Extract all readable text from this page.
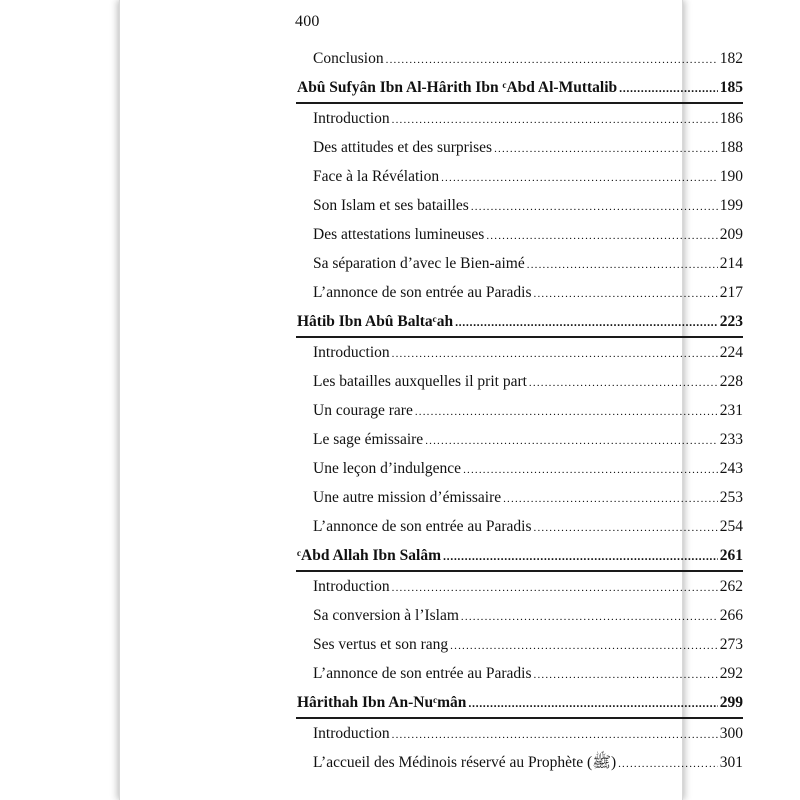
400
Conclusion .....	182
Abû Sufyân Ibn Al-Hârith Ibn ᶜAbd Al-Muttalib .....	185
Introduction .....	186
Des attitudes et des surprises .....	188
Face à la Révélation .....	190
Son Islam et ses batailles .....	199
Des attestations lumineuses .....	209
Sa séparation d’avec le Bien-aimé .....	214
L’annonce de son entrée au Paradis .....	217
Hâtib Ibn Abû Baltaᶜah .....	223
Introduction .....	224
Les batailles auxquelles il prit part .....	228
Un courage rare .....	231
Le sage émissaire .....	233
Une leçon d’indulgence .....	243
Une autre mission d’émissaire .....	253
L’annonce de son entrée au Paradis .....	254
ᶜAbd Allah Ibn Salâm .....	261
Introduction .....	262
Sa conversion à l’Islam .....	266
Ses vertus et son rang .....	273
L’annonce de son entrée au Paradis .....	292
Hârithah Ibn An-Nuᶜmân .....	299
Introduction .....	300
L’accueil des Médinois réservé au Prophète (ﷺ) .....	301
